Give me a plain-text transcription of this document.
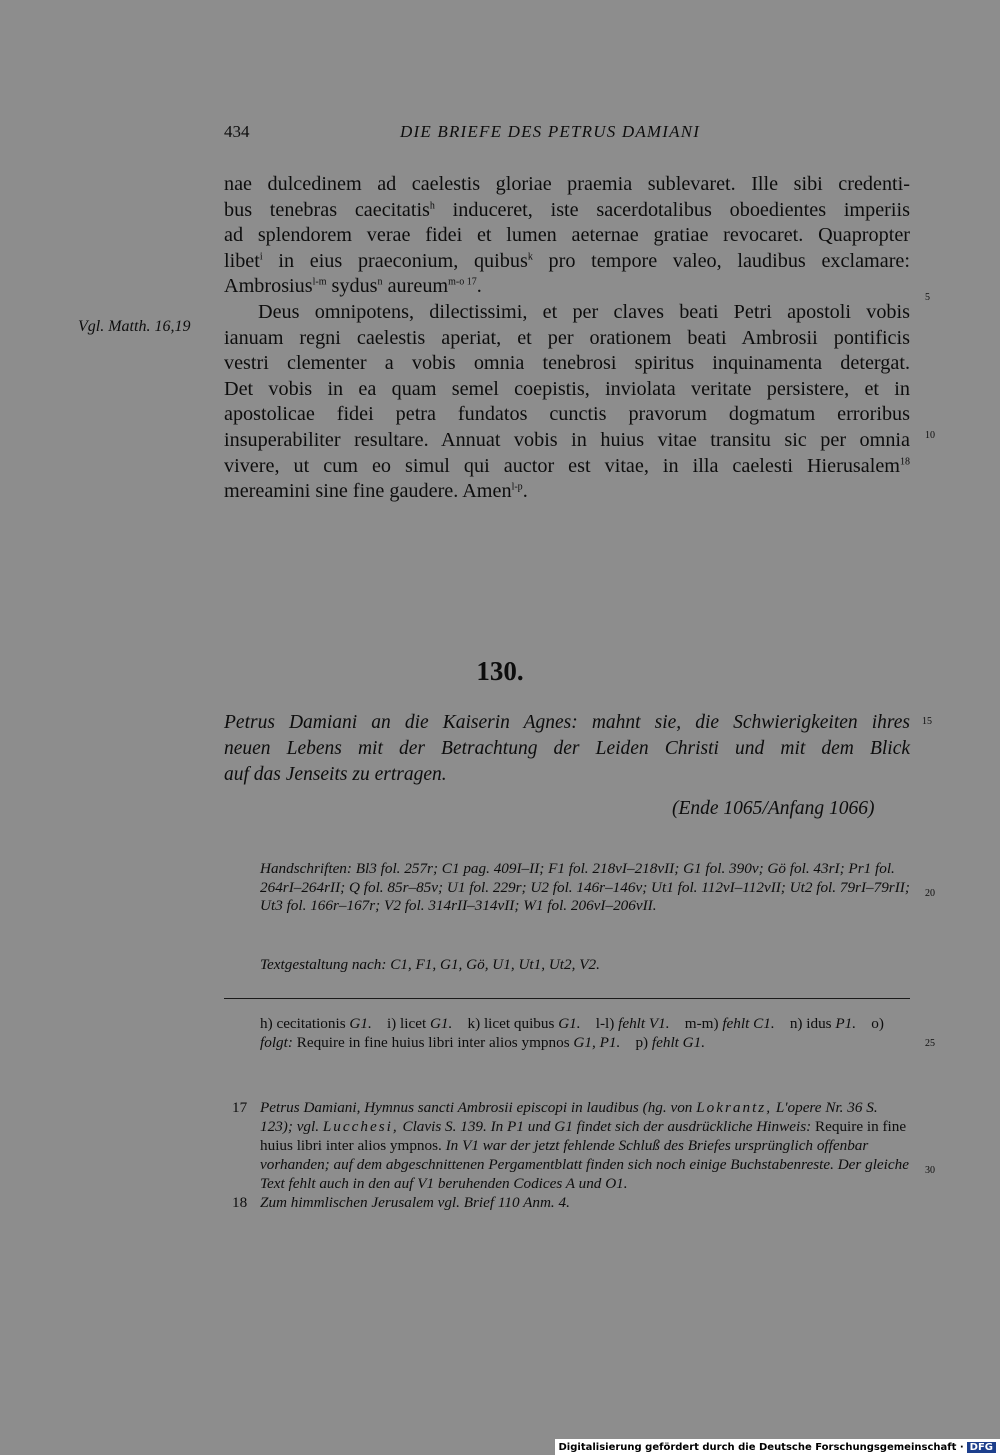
434	DIE BRIEFE DES PETRUS DAMIANI
nae dulcedinem ad caelestis gloriae praemia sublevaret. Ille sibi credenti-
bus tenebras caecitatis$^h$ induceret, iste sacerdotalibus oboedientes imperiis
ad splendorem verae fidei et lumen aeternae gratiae revocaret. Quapropter
libet$^i$ in eius praeconium, quibus$^k$ pro tempore valeo, laudibus exclamare:
Ambrosius$^{l-m}$ sydus$^n$ aureum$^{m-o 17}$.
Deus omnipotens, dilectissimi, et per claves beati Petri apostoli vobis
ianuam regni caelestis aperiat, et per orationem beati Ambrosii pontificis
vestri clementer a vobis omnia tenebrosi spiritus inquinamenta detergat.
Det vobis in ea quam semel coepistis, inviolata veritate persistere, et in
apostolicae fidei petra fundatos cunctis pravorum dogmatum erroribus
insuperabiliter resultare. Annuat vobis in huius vitae transitu sic per omnia
vivere, ut cum eo simul qui auctor est vitae, in illa caelesti Hierusalem$^{18}$
mereamini sine fine gaudere. Amen$^{l-p}$.
Vgl. Matth. 16,19
5
10
15
20
25
30
130.
Petrus Damiani an die Kaiserin Agnes: mahnt sie, die Schwierigkeiten ihres
neuen Lebens mit der Betrachtung der Leiden Christi und mit dem Blick
auf das Jenseits zu ertragen.
(Ende 1065/Anfang 1066)
Handschriften: Bl3 fol. 257r; C1 pag. 409I–II; F1 fol. 218vI–218vII; G1 fol. 390v; Gö fol. 43rI; Pr1 fol. 264rI–264rII; Q fol. 85r–85v; U1 fol. 229r; U2 fol. 146r–146v; Ut1 fol. 112vI–112vII; Ut2 fol. 79rI–79rII; Ut3 fol. 166r–167r; V2 fol. 314rII–314vII; W1 fol. 206vI–206vII.
Textgestaltung nach: C1, F1, G1, Gö, U1, Ut1, Ut2, V2.
h) cecitationis G1. i) licet G1. k) licet quibus G1. l-l) fehlt V1. m-m) fehlt C1. n) idus P1. o) folgt: Require in fine huius libri inter alios ympnos G1, P1. p) fehlt G1.
17 Petrus Damiani, Hymnus sancti Ambrosii episcopi in laudibus (hg. von Lokrantz, L'opere Nr. 36 S. 123); vgl. Lucchesi, Clavis S. 139. In P1 und G1 findet sich der ausdrückliche Hinweis: Require in fine huius libri inter alios ympnos. In V1 war der jetzt fehlende Schluß des Briefes ursprünglich offenbar vorhanden; auf dem abgeschnittenen Pergamentblatt finden sich noch einige Buchstabenreste. Der gleiche Text fehlt auch in den auf V1 beruhenden Codices A und O1.
18 Zum himmlischen Jerusalem vgl. Brief 110 Anm. 4.
Digitalisierung gefördert durch die Deutsche Forschungsgemeinschaft · DFG
